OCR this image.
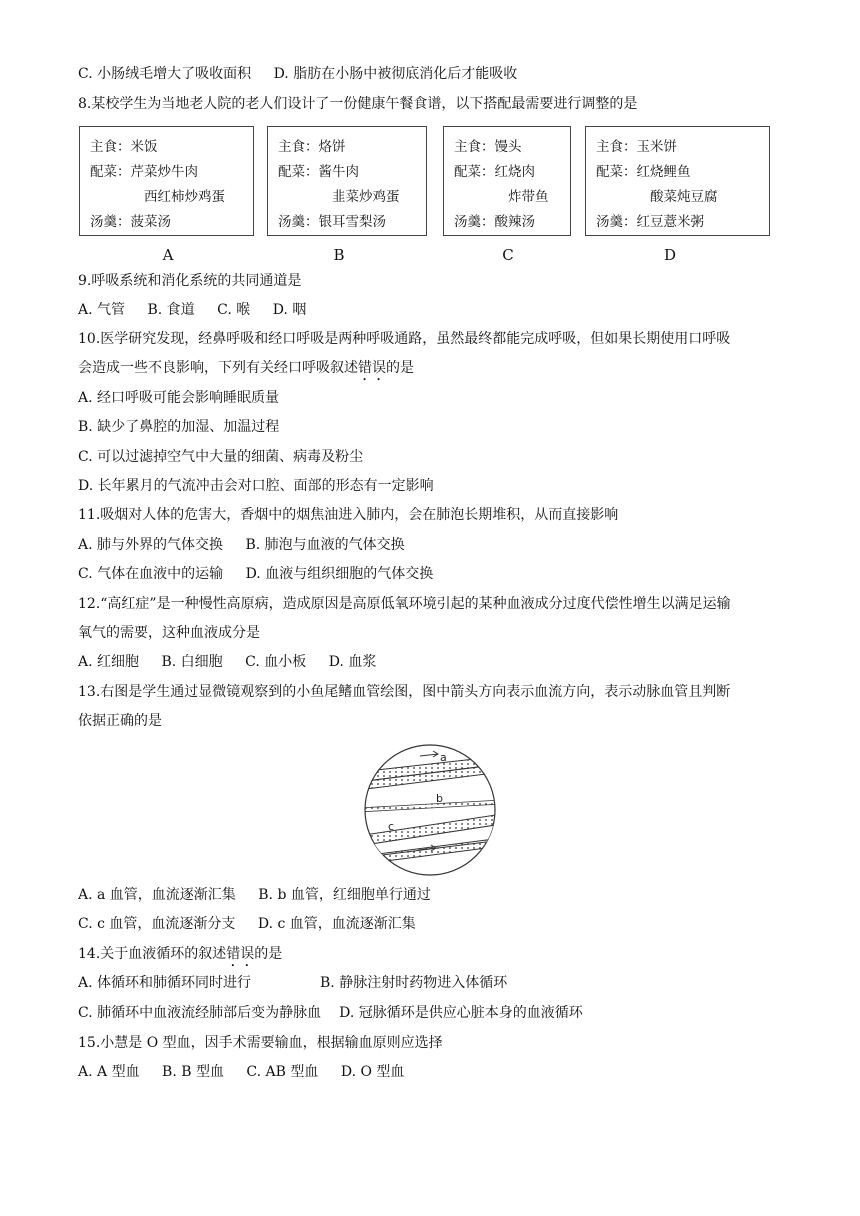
C. 小肠绒毛增大了吸收面积 D. 脂肪在小肠中被彻底消化后才能吸收
8.某校学生为当地老人院的老人们设计了一份健康午餐食谱，以下搭配最需要进行调整的是
主食：米饭
配菜：芹菜炒牛肉
西红柿炒鸡蛋
汤羹：菠菜汤
主食：烙饼
配菜：酱牛肉
韭菜炒鸡蛋
汤羹：银耳雪梨汤
主食：馒头
配菜：红烧肉
炸带鱼
汤羹：酸辣汤
主食：玉米饼
配菜：红烧鲤鱼
酸菜炖豆腐
汤羹：红豆薏米粥
A	B	C	D
9.呼吸系统和消化系统的共同通道是
A. 气管 B. 食道 C. 喉 D. 咽
10.医学研究发现，经鼻呼吸和经口呼吸是两种呼吸通路，虽然最终都能完成呼吸，但如果长期使用口呼吸
会造成一些不良影响，下列有关经口呼吸叙述错误的是
A. 经口呼吸可能会影响睡眠质量
B. 缺少了鼻腔的加湿、加温过程
C. 可以过滤掉空气中大量的细菌、病毒及粉尘
D. 长年累月的气流冲击会对口腔、面部的形态有一定影响
11.吸烟对人体的危害大，香烟中的烟焦油进入肺内，会在肺泡长期堆积，从而直接影响
A. 肺与外界的气体交换 B. 肺泡与血液的气体交换
C. 气体在血液中的运输 D. 血液与组织细胞的气体交换
12.“高红症”是一种慢性高原病，造成原因是高原低氧环境引起的某种血液成分过度代偿性增生以满足运输
氧气的需要，这种血液成分是
A. 红细胞 B. 白细胞 C. 血小板 D. 血浆
13.右图是学生通过显微镜观察到的小鱼尾鳍血管绘图，图中箭头方向表示血流方向，表示动脉血管且判断
依据正确的是
a
b
c
A. a 血管，血流逐渐汇集 B. b 血管，红细胞单行通过
C. c 血管，血流逐渐分支 D. c 血管，血流逐渐汇集
14.关于血液循环的叙述错误的是
A. 体循环和肺循环同时进行	B. 静脉注射时药物进入体循环
C. 肺循环中血液流经肺部后变为静脉血 D. 冠脉循环是供应心脏本身的血液循环
15.小慧是 O 型血，因手术需要输血，根据输血原则应选择
A. A 型血 B. B 型血 C. AB 型血 D. O 型血
